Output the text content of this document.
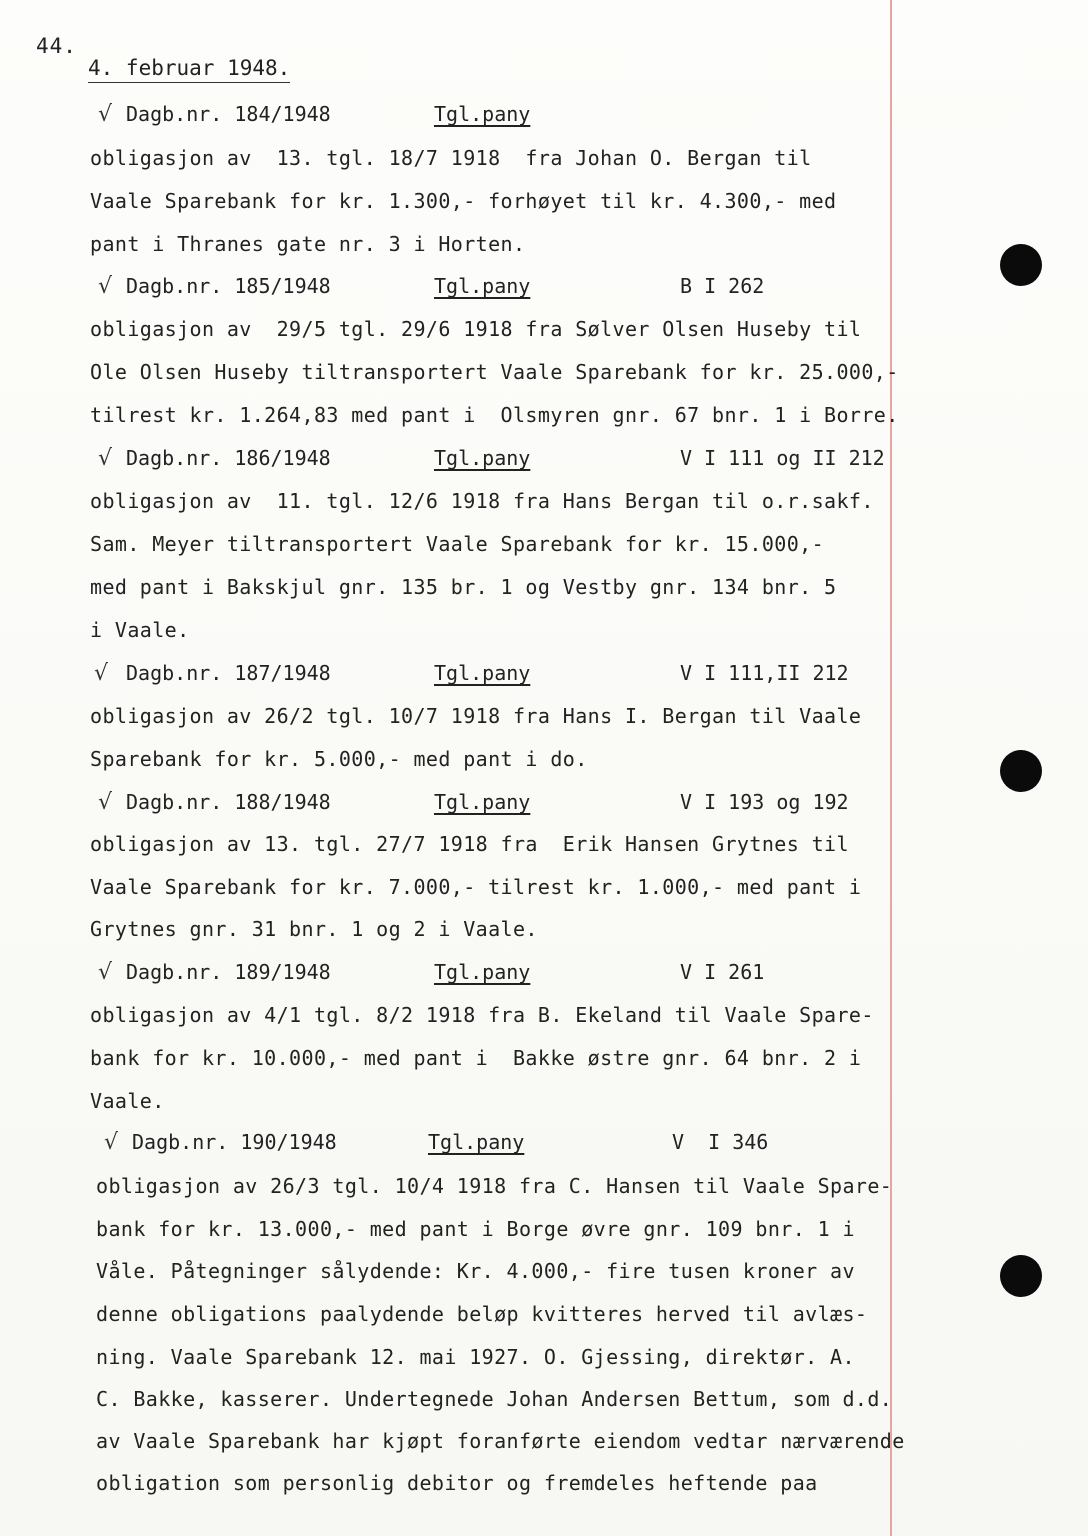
44.
4. februar 1948.
√ Dagb.nr. 184/1948	Tgl.pany
obligasjon av  13. tgl. 18/7 1918  fra Johan O. Bergan til
Vaale Sparebank for kr. 1.300,- forhøyet til kr. 4.300,- med
pant i Thranes gate nr. 3 i Horten.
√ Dagb.nr. 185/1948	Tgl.pany	B I 262
obligasjon av  29/5 tgl. 29/6 1918 fra Sølver Olsen Huseby til
Ole Olsen Huseby tiltransportert Vaale Sparebank for kr. 25.000,-
tilrest kr. 1.264,83 med pant i  Olsmyren gnr. 67 bnr. 1 i Borre.
√ Dagb.nr. 186/1948	Tgl.pany	V I 111 og II 212
obligasjon av  11. tgl. 12/6 1918 fra Hans Bergan til o.r.sakf.
Sam. Meyer tiltransportert Vaale Sparebank for kr. 15.000,-
med pant i Bakskjul gnr. 135 br. 1 og Vestby gnr. 134 bnr. 5
i Vaale.
√ Dagb.nr. 187/1948	Tgl.pany	V I 111,II 212
obligasjon av 26/2 tgl. 10/7 1918 fra Hans I. Bergan til Vaale
Sparebank for kr. 5.000,- med pant i do.
√ Dagb.nr. 188/1948	Tgl.pany	V I 193 og 192
obligasjon av 13. tgl. 27/7 1918 fra  Erik Hansen Grytnes til
Vaale Sparebank for kr. 7.000,- tilrest kr. 1.000,- med pant i
Grytnes gnr. 31 bnr. 1 og 2 i Vaale.
√ Dagb.nr. 189/1948	Tgl.pany	V I 261
obligasjon av 4/1 tgl. 8/2 1918 fra B. Ekeland til Vaale Spare-
bank for kr. 10.000,- med pant i  Bakke østre gnr. 64 bnr. 2 i
Vaale.
√ Dagb.nr. 190/1948	Tgl.pany	V  I 346
obligasjon av 26/3 tgl. 10/4 1918 fra C. Hansen til Vaale Spare-
bank for kr. 13.000,- med pant i Borge øvre gnr. 109 bnr. 1 i
Våle. Påtegninger sålydende: Kr. 4.000,- fire tusen kroner av
denne obligations paalydende beløp kvitteres herved til avlæs-
ning. Vaale Sparebank 12. mai 1927. O. Gjessing, direktør. A.
C. Bakke, kasserer. Undertegnede Johan Andersen Bettum, som d.d.
av Vaale Sparebank har kjøpt foranførte eiendom vedtar nærværende
obligation som personlig debitor og fremdeles heftende paa
